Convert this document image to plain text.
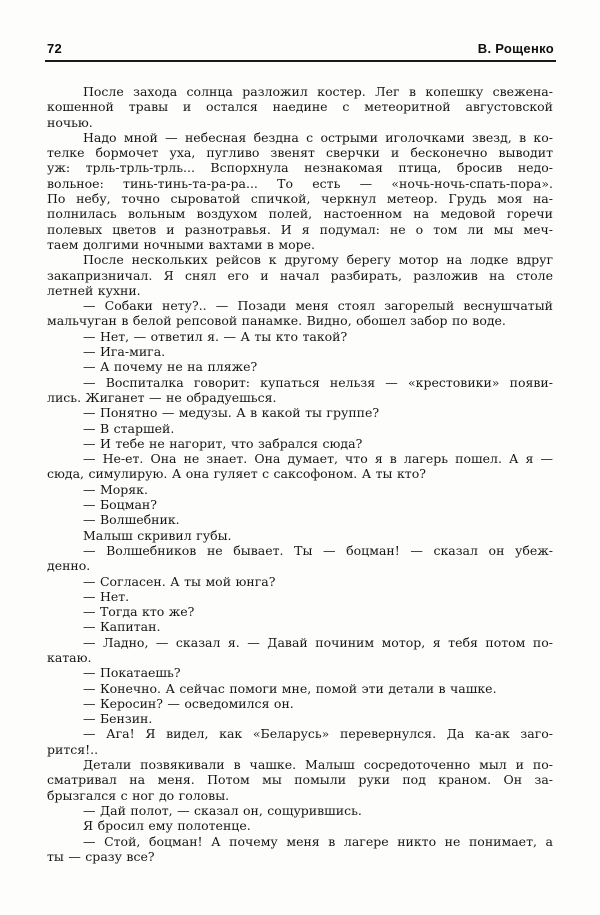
72	В. Рощенко
После захода солнца разложил костер. Лег в копешку свежена-
кошенной травы и остался наедине с метеоритной августовской
ночью.
Надо мной — небесная бездна с острыми иголочками звезд, в ко-
телке бормочет уха, пугливо звенят сверчки и бесконечно выводит
уж: трль-трль-трль... Вспорхнула незнакомая птица, бросив недо-
вольное: тинь-тинь-та-ра-ра... То есть — «ночь-ночь-спать-пора».
По небу, точно сыроватой спичкой, черкнул метеор. Грудь моя на-
полнилась вольным воздухом полей, настоенном на медовой горечи
полевых цветов и разнотравья. И я подумал: не о том ли мы меч-
таем долгими ночными вахтами в море.
После нескольких рейсов к другому берегу мотор на лодке вдруг
закапризничал. Я снял его и начал разбирать, разложив на столе
летней кухни.
— Собаки нету?.. — Позади меня стоял загорелый веснушчатый
мальчуган в белой репсовой панамке. Видно, обошел забор по воде.
— Нет, — ответил я. — А ты кто такой?
— Ига-мига.
— А почему не на пляже?
— Воспиталка говорит: купаться нельзя — «крестовики» появи-
лись. Жиганет — не обрадуешься.
— Понятно — медузы. А в какой ты группе?
— В старшей.
— И тебе не нагорит, что забрался сюда?
— Не-ет. Она не знает. Она думает, что я в лагерь пошел. А я —
сюда, симулирую. А она гуляет с саксофоном. А ты кто?
— Моряк.
— Боцман?
— Волшебник.
Малыш скривил губы.
— Волшебников не бывает. Ты — боцман! — сказал он убеж-
денно.
— Согласен. А ты мой юнга?
— Нет.
— Тогда кто же?
— Капитан.
— Ладно, — сказал я. — Давай починим мотор, я тебя потом по-
катаю.
— Покатаешь?
— Конечно. А сейчас помоги мне, помой эти детали в чашке.
— Керосин? — осведомился он.
— Бензин.
— Ага! Я видел, как «Беларусь» перевернулся. Да ка-ак заго-
рится!..
Детали позвякивали в чашке. Малыш сосредоточенно мыл и по-
сматривал на меня. Потом мы помыли руки под краном. Он за-
брызгался с ног до головы.
— Дай полот, — сказал он, сощурившись.
Я бросил ему полотенце.
— Стой, боцман! А почему меня в лагере никто не понимает, а
ты — сразу все?
